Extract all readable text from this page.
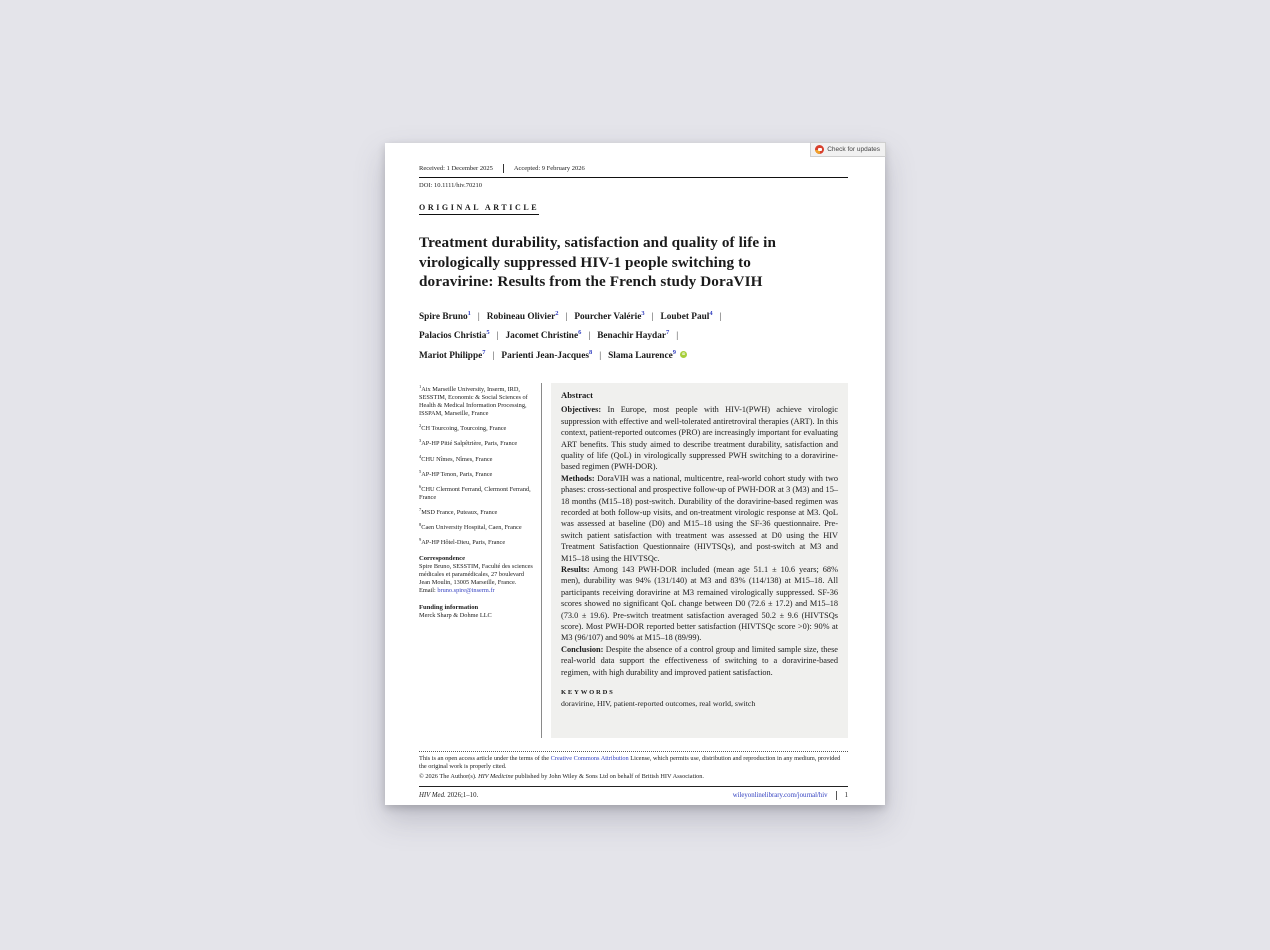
Check for updates
Received: 1 December 2025	Accepted: 9 February 2026
DOI: 10.1111/hiv.70210
ORIGINAL ARTICLE
Treatment durability, satisfaction and quality of life in
virologically suppressed HIV-1 people switching to
doravirine: Results from the French study DoraVIH
Spire Bruno$^1$ | Robineau Olivier$^2$ | Pourcher Valérie$^3$ | Loubet Paul$^4$ |
Palacios Christia$^5$ | Jacomet Christine$^6$ | Benachir Haydar$^7$ |
Mariot Philippe$^7$ | Parienti Jean-Jacques$^8$ | Slama Laurence$^9$
iD

$^1$Aix Marseille University, Inserm, IRD, SESSTIM, Economic & Social Sciences of Health & Medical Information Processing, ISSPAM, Marseille, France

$^2$CH Tourcoing, Tourcoing, France

$^3$AP-HP Pitié Salpêtrière, Paris, France

$^4$CHU Nîmes, Nîmes, France

$^5$AP-HP Tenon, Paris, France

$^6$CHU Clermont Ferrand, Clermont Ferrand, France

$^7$MSD France, Puteaux, France

$^8$Caen University Hospital, Caen, France

$^9$AP-HP Hôtel-Dieu, Paris, France

Correspondence
Spire Bruno, SESSTIM, Faculté des sciences médicales et paramédicales, 27 boulevard Jean Moulin, 13005 Marseille, France.
Email: bruno.spire@inserm.fr
Funding information
Merck Sharp & Dohme LLC
Abstract

Objectives: In Europe, most people with HIV-1(PWH) achieve virologic suppression with effective and well-tolerated antiretroviral therapies (ART). In this context, patient-reported outcomes (PRO) are increasingly important for evaluating ART benefits. This study aimed to describe treatment durability, satisfaction and quality of life (QoL) in virologically suppressed PWH switching to a doravirine-based regimen (PWH-DOR).

Methods: DoraVIH was a national, multicentre, real-world cohort study with two phases: cross-sectional and prospective follow-up of PWH-DOR at 3 (M3) and 15–18 months (M15–18) post-switch. Durability of the doravirine-based regimen was recorded at both follow-up visits, and on-treatment virologic response at M3. QoL was assessed at baseline (D0) and M15–18 using the SF-36 questionnaire. Pre-switch patient satisfaction with treatment was assessed at D0 using the HIV Treatment Satisfaction Questionnaire (HIVTSQs), and post-switch at M3 and M15–18 using the HIVTSQc.

Results: Among 143 PWH-DOR included (mean age 51.1 ± 10.6 years; 68% men), durability was 94% (131/140) at M3 and 83% (114/138) at M15–18. All participants receiving doravirine at M3 remained virologically suppressed. SF-36 scores showed no significant QoL change between D0 (72.6 ± 17.2) and M15–18 (73.0 ± 19.6). Pre-switch treatment satisfaction averaged 50.2 ± 9.6 (HIVTSQs score). Most PWH-DOR reported better satisfaction (HIVTSQc score >0): 90% at M3 (96/107) and 90% at M15–18 (89/99).

Conclusion: Despite the absence of a control group and limited sample size, these real-world data support the effectiveness of switching to a doravirine-based regimen, with high durability and improved patient satisfaction.

KEYWORDS
doravirine, HIV, patient-reported outcomes, real world, switch
This is an open access article under the terms of the Creative Commons Attribution License, which permits use, distribution and reproduction in any medium, provided the original work is properly cited.
© 2026 The Author(s). HIV Medicine published by John Wiley & Sons Ltd on behalf of British HIV Association.
HIV Med. 2026;1–10.	wileyonlinelibrary.com/journal/hiv	1
